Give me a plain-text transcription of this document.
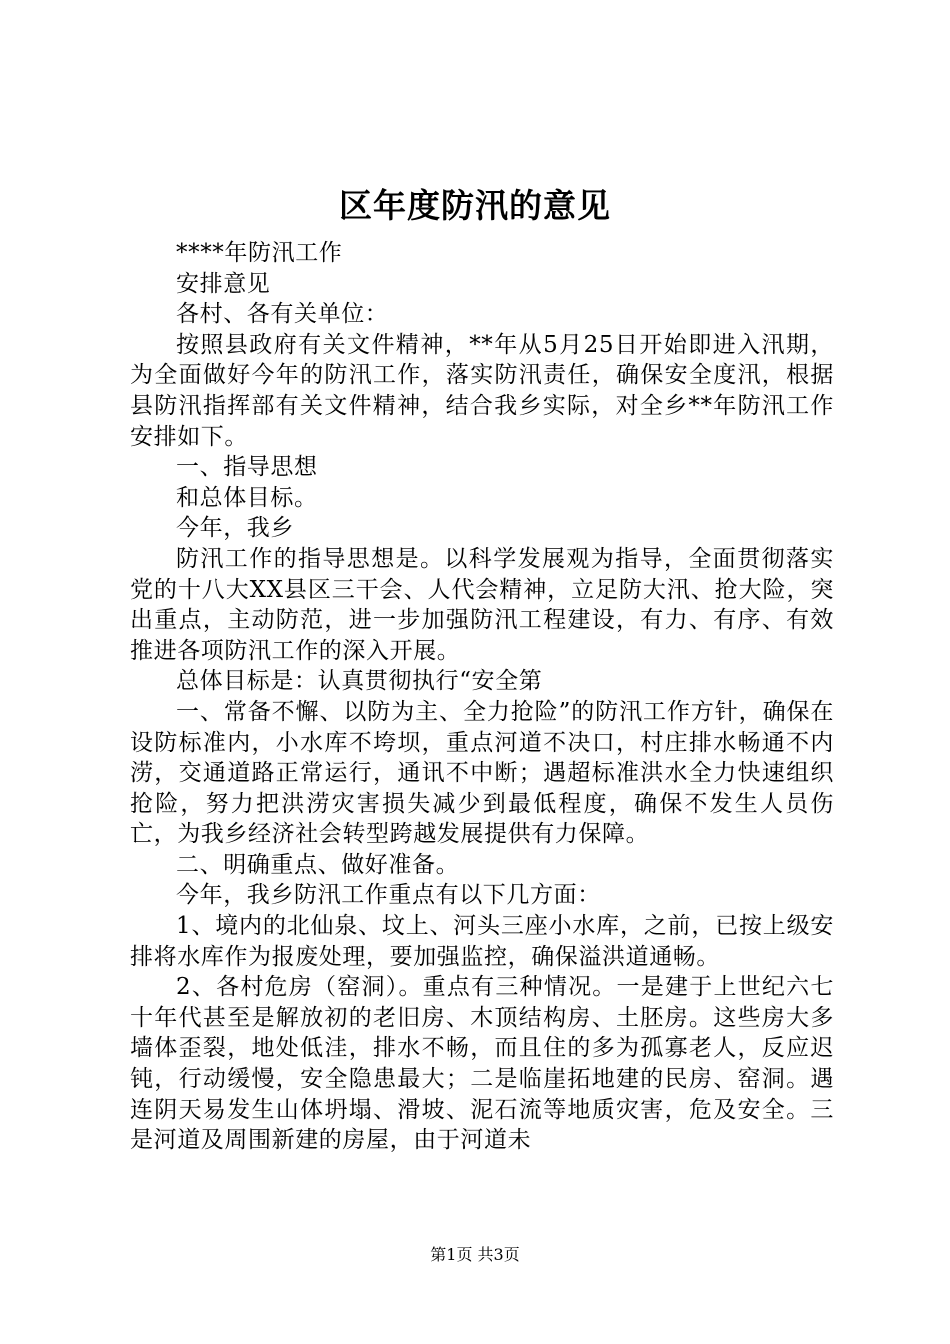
区年度防汛的意见

****年防汛工作

安排意见

各村、各有关单位：

按照县政府有关文件精神，**年从5月25日开始即进入汛期，为全面做好今年的防汛工作，落实防汛责任，确保安全度汛，根据县防汛指挥部有关文件精神，结合我乡实际，对全乡**年防汛工作安排如下。

一、指导思想

和总体目标。

今年，我乡

防汛工作的指导思想是。以科学发展观为指导，全面贯彻落实党的十八大XX县区三干会、人代会精神，立足防大汛、抢大险，突出重点，主动防范，进一步加强防汛工程建设，有力、有序、有效推进各项防汛工作的深入开展。

总体目标是：认真贯彻执行“安全第

一、常备不懈、以防为主、全力抢险”的防汛工作方针，确保在设防标准内，小水库不垮坝，重点河道不决口，村庄排水畅通不内涝，交通道路正常运行，通讯不中断；遇超标准洪水全力快速组织抢险，努力把洪涝灾害损失减少到最低程度，确保不发生人员伤亡，为我乡经济社会转型跨越发展提供有力保障。

二、明确重点、做好准备。

今年，我乡防汛工作重点有以下几方面：

1、境内的北仙泉、坟上、河头三座小水库，之前，已按上级安排将水库作为报废处理，要加强监控，确保溢洪道通畅。

2、各村危房（窑洞）。重点有三种情况。一是建于上世纪六七十年代甚至是解放初的老旧房、木顶结构房、土胚房。这些房大多墙体歪裂，地处低洼，排水不畅，而且住的多为孤寡老人，反应迟钝，行动缓慢，安全隐患最大；二是临崖拓地建的民房、窑洞。遇连阴天易发生山体坍塌、滑坡、泥石流等地质灾害，危及安全。三是河道及周围新建的房屋，由于河道未

第1页 共3页
